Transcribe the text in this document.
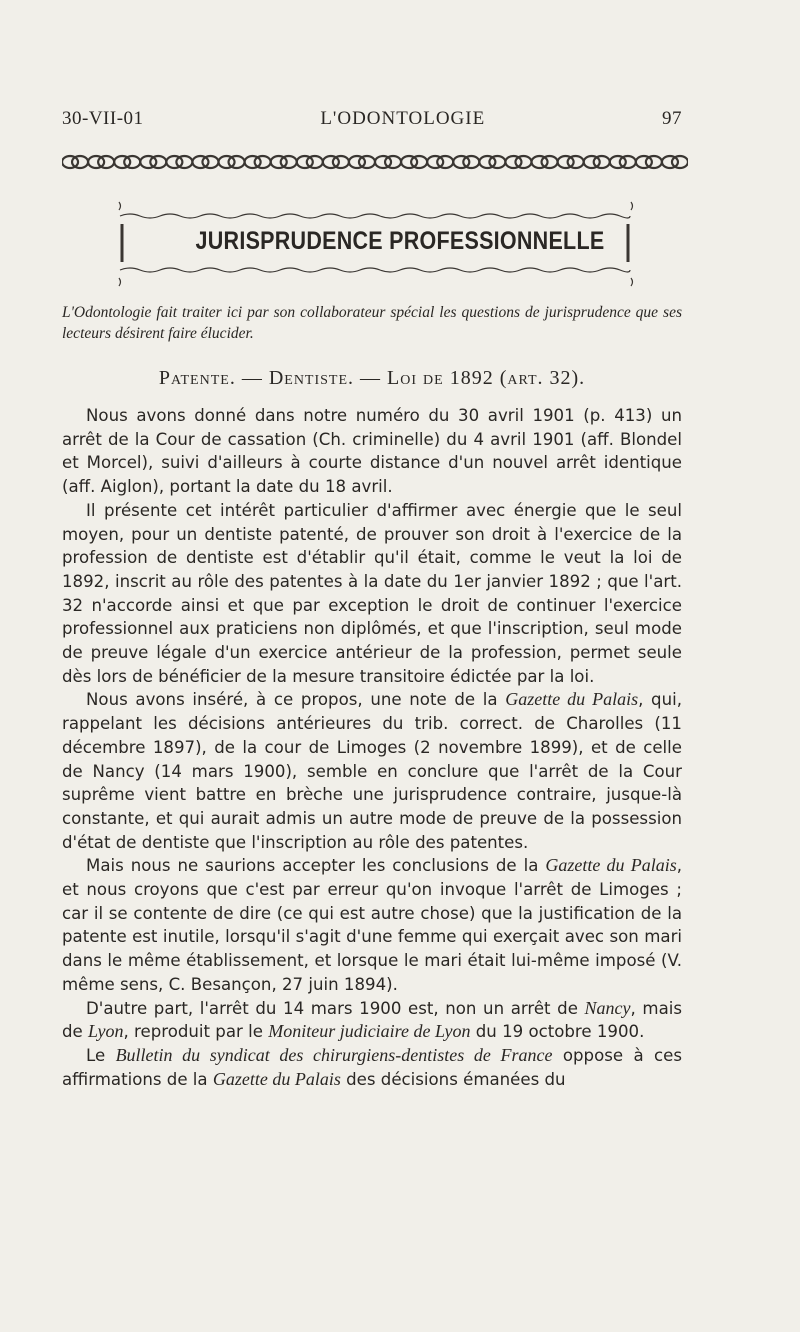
30-VII-01	L'ODONTOLOGIE	97
JURISPRUDENCE PROFESSIONNELLE
L'Odontologie fait traiter ici par son collaborateur spécial les questions de jurisprudence que ses lecteurs désirent faire élucider.
Patente. — Dentiste. — Loi de 1892 (art. 32).

Nous avons donné dans notre numéro du 30 avril 1901 (p. 413) un arrêt de la Cour de cassation (Ch. criminelle) du 4 avril 1901 (aff. Blondel et Morcel), suivi d'ailleurs à courte distance d'un nouvel arrêt identique (aff. Aiglon), portant la date du 18 avril.

Il présente cet intérêt particulier d'affirmer avec énergie que le seul moyen, pour un dentiste patenté, de prouver son droit à l'exercice de la profession de dentiste est d'établir qu'il était, comme le veut la loi de 1892, inscrit au rôle des patentes à la date du 1er janvier 1892 ; que l'art. 32 n'accorde ainsi et que par exception le droit de continuer l'exercice professionnel aux praticiens non diplômés, et que l'inscription, seul mode de preuve légale d'un exercice antérieur de la profession, permet seule dès lors de bénéficier de la mesure transitoire édictée par la loi.

Nous avons inséré, à ce propos, une note de la Gazette du Palais, qui, rappelant les décisions antérieures du trib. correct. de Charolles (11 décembre 1897), de la cour de Limoges (2 novembre 1899), et de celle de Nancy (14 mars 1900), semble en conclure que l'arrêt de la Cour suprême vient battre en brèche une jurisprudence contraire, jusque-là constante, et qui aurait admis un autre mode de preuve de la possession d'état de dentiste que l'inscription au rôle des patentes.

Mais nous ne saurions accepter les conclusions de la Gazette du Palais, et nous croyons que c'est par erreur qu'on invoque l'arrêt de Limoges ; car il se contente de dire (ce qui est autre chose) que la justification de la patente est inutile, lorsqu'il s'agit d'une femme qui exerçait avec son mari dans le même établissement, et lorsque le mari était lui-même imposé (V. même sens, C. Besançon, 27 juin 1894).

D'autre part, l'arrêt du 14 mars 1900 est, non un arrêt de Nancy, mais de Lyon, reproduit par le Moniteur judiciaire de Lyon du 19 octobre 1900.

Le Bulletin du syndicat des chirurgiens-dentistes de France oppose à ces affirmations de la Gazette du Palais des décisions émanées du
